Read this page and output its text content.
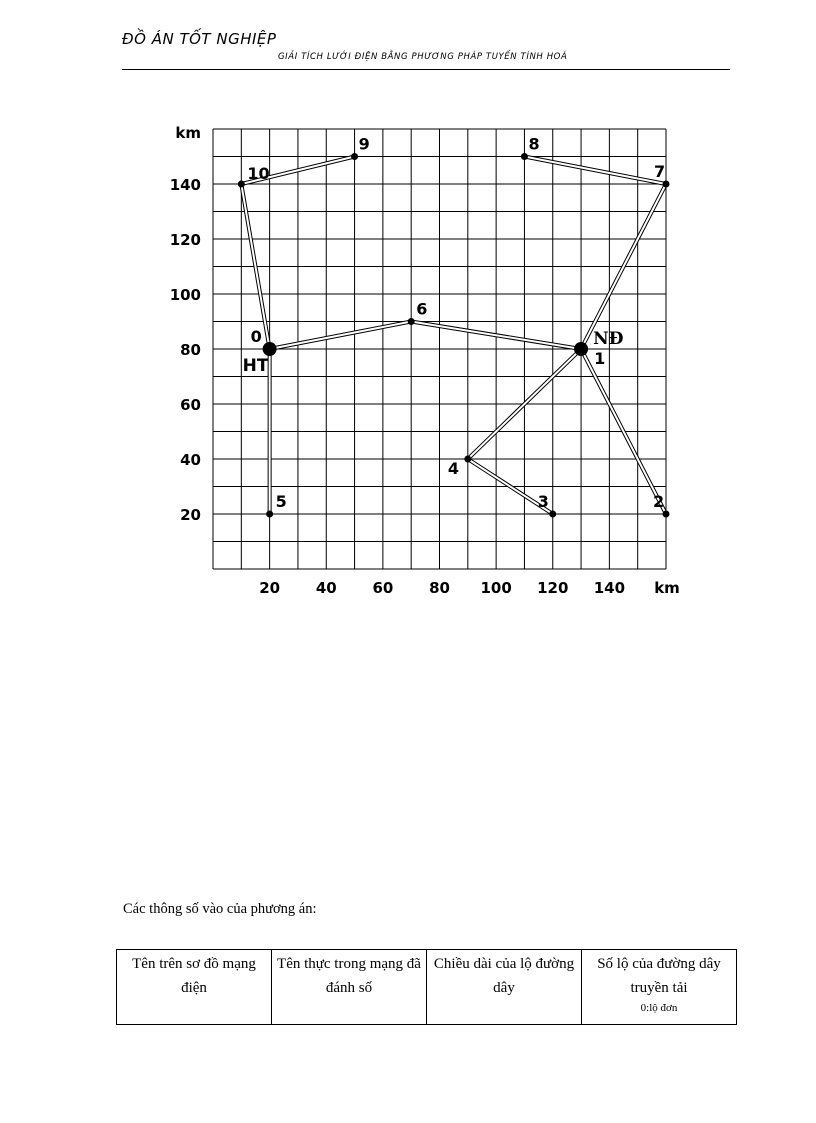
ĐỒ ÁN TỐT NGHIỆP
GIẢI TÍCH LƯỚI ĐIỆN BẰNG PHƯƠNG PHÁP TUYẾN TÍNH HOÁ
20 40 60 80 100 120 140
20
40
60
80
100
120
140
km
km
0
HT	1
NĐ
2
3
4
5
6
7
8
9
10
Các thông số vào của phương án:
Tên trên sơ đồ mạng điện	Tên thực trong mạng đã đánh số	Chiều dài của lộ đường dây	Số lộ của đường dây truyền tải
0:lộ đơn
